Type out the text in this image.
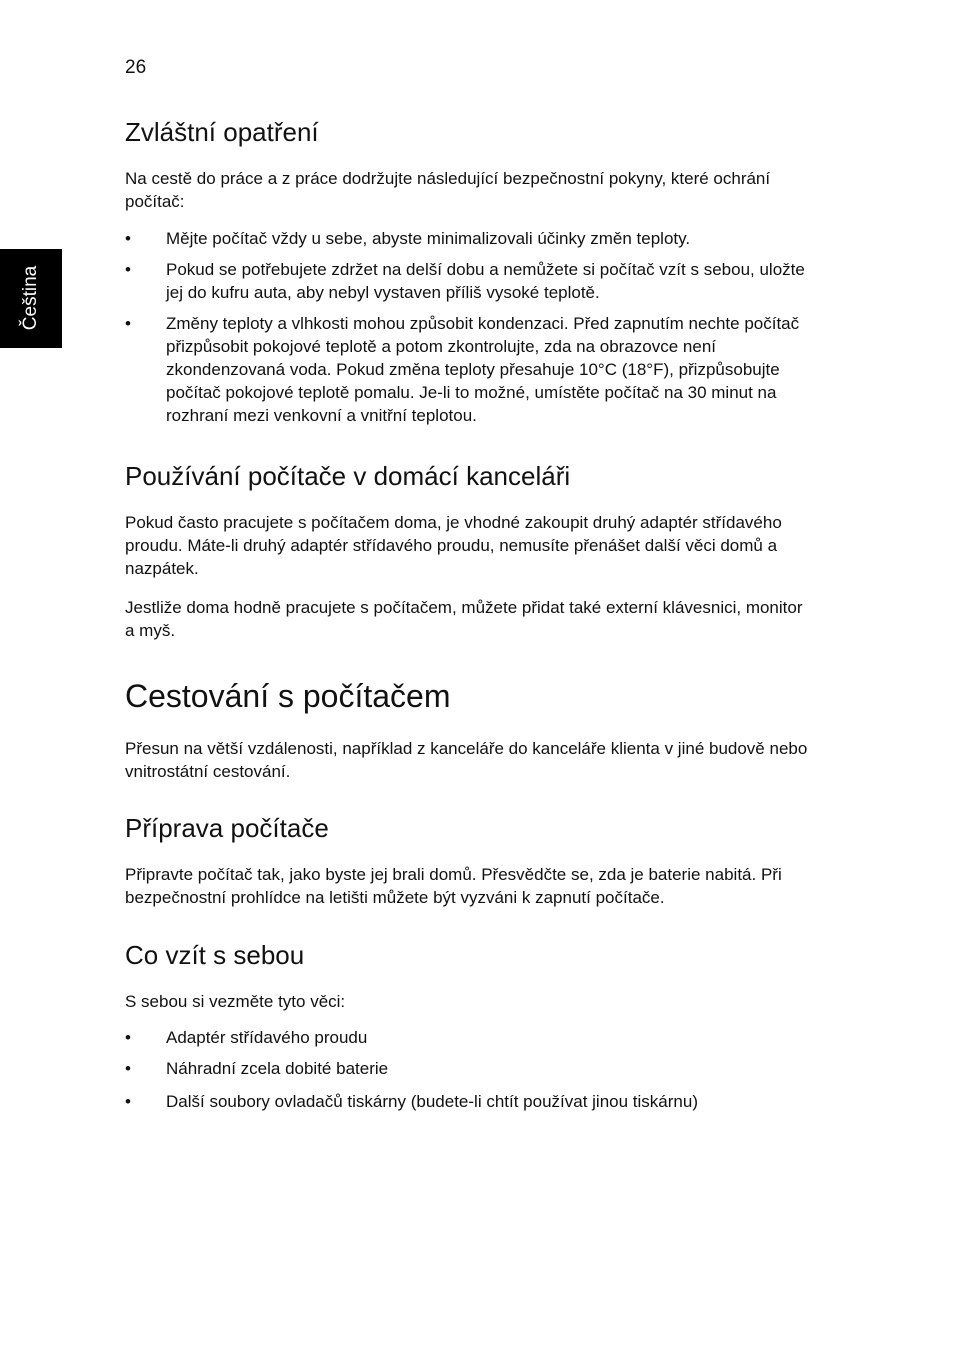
26
Čeština
Zvláštní opatření

Na cestě do práce a z práce dodržujte následující bezpečnostní pokyny, které ochrání počítač:

• Mějte počítač vždy u sebe, abyste minimalizovali účinky změn teploty.
• Pokud se potřebujete zdržet na delší dobu a nemůžete si počítač vzít s sebou, uložte jej do kufru auta, aby nebyl vystaven příliš vysoké teplotě.
• Změny teploty a vlhkosti mohou způsobit kondenzaci. Před zapnutím nechte počítač přizpůsobit pokojové teplotě a potom zkontrolujte, zda na obrazovce není zkondenzovaná voda. Pokud změna teploty přesahuje 10°C (18°F), přizpůsobujte počítač pokojové teplotě pomalu. Je-li to možné, umístěte počítač na 30 minut na rozhraní mezi venkovní a vnitřní teplotou.
Používání počítače v domácí kanceláři

Pokud často pracujete s počítačem doma, je vhodné zakoupit druhý adaptér střídavého proudu. Máte-li druhý adaptér střídavého proudu, nemusíte přenášet další věci domů a nazpátek.

Jestliže doma hodně pracujete s počítačem, můžete přidat také externí klávesnici, monitor a myš.

Cestování s počítačem

Přesun na větší vzdálenosti, například z kanceláře do kanceláře klienta v jiné budově nebo vnitrostátní cestování.

Příprava počítače

Připravte počítač tak, jako byste jej brali domů. Přesvědčte se, zda je baterie nabitá. Při bezpečnostní prohlídce na letišti můžete být vyzváni k zapnutí počítače.

Co vzít s sebou

S sebou si vezměte tyto věci:

• Adaptér střídavého proudu
• Náhradní zcela dobité baterie
• Další soubory ovladačů tiskárny (budete-li chtít používat jinou tiskárnu)
